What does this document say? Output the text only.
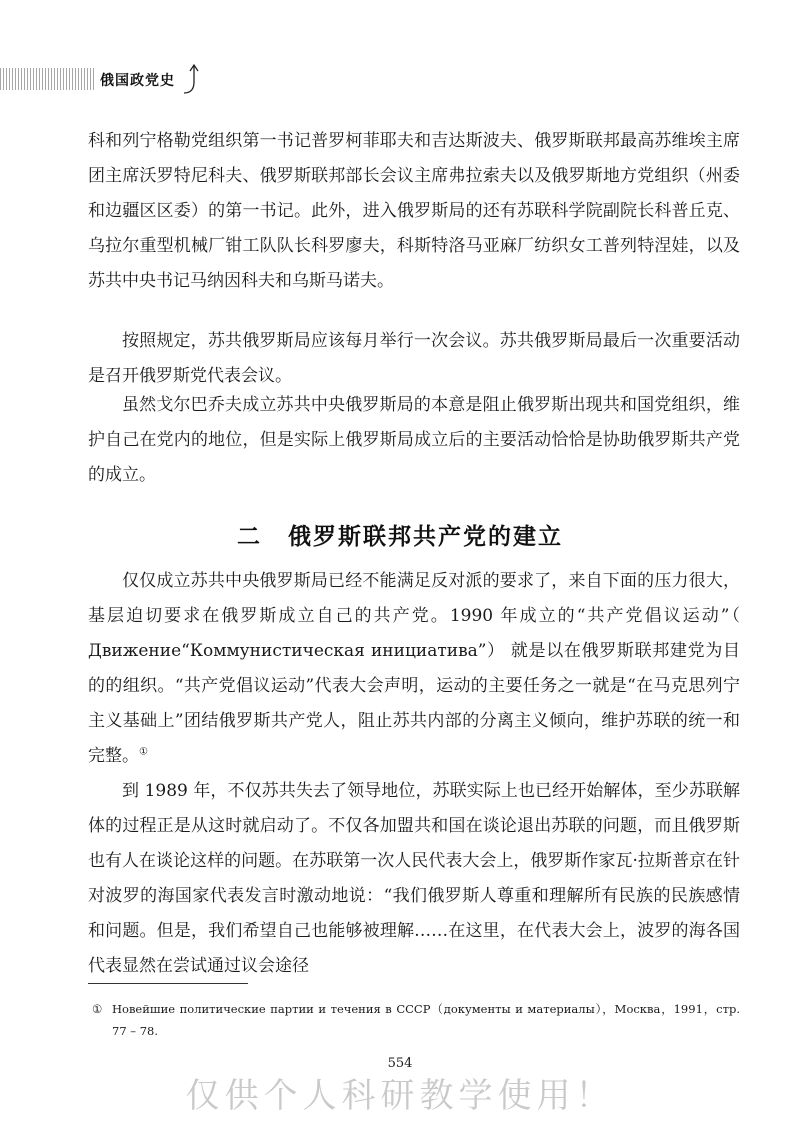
俄国政党史

科和列宁格勒党组织第一书记普罗柯菲耶夫和吉达斯波夫、俄罗斯联邦最高苏维埃主席团主席沃罗特尼科夫、俄罗斯联邦部长会议主席弗拉索夫以及俄罗斯地方党组织（州委和边疆区区委）的第一书记。此外，进入俄罗斯局的还有苏联科学院副院长科普丘克、乌拉尔重型机械厂钳工队队长科罗廖夫，科斯特洛马亚麻厂纺织女工普列特涅娃，以及苏共中央书记马纳因科夫和乌斯马诺夫。

按照规定，苏共俄罗斯局应该每月举行一次会议。苏共俄罗斯局最后一次重要活动是召开俄罗斯党代表会议。

虽然戈尔巴乔夫成立苏共中央俄罗斯局的本意是阻止俄罗斯出现共和国党组织，维护自己在党内的地位，但是实际上俄罗斯局成立后的主要活动恰恰是协助俄罗斯共产党的成立。

二 俄罗斯联邦共产党的建立

仅仅成立苏共中央俄罗斯局已经不能满足反对派的要求了，来自下面的压力很大，基层迫切要求在俄罗斯成立自己的共产党。1990 年成立的“共产党倡议运动”（ Движение“Коммунистическая инициатива”） 就是以在俄罗斯联邦建党为目的的组织。“共产党倡议运动”代表大会声明，运动的主要任务之一就是“在马克思列宁主义基础上”团结俄罗斯共产党人，阻止苏共内部的分离主义倾向，维护苏联的统一和完整。①

到 1989 年，不仅苏共失去了领导地位，苏联实际上也已经开始解体，至少苏联解体的过程正是从这时就启动了。不仅各加盟共和国在谈论退出苏联的问题，而且俄罗斯也有人在谈论这样的问题。在苏联第一次人民代表大会上，俄罗斯作家瓦·拉斯普京在针对波罗的海国家代表发言时激动地说：“我们俄罗斯人尊重和理解所有民族的民族感情和问题。但是，我们希望自己也能够被理解……在这里，在代表大会上，波罗的海各国代表显然在尝试通过议会途径

① Новейшие политические партии и течения в СССР（документы и материалы），Москва，1991，стр. 77 – 78.

554

仅供个人科研教学使用！
